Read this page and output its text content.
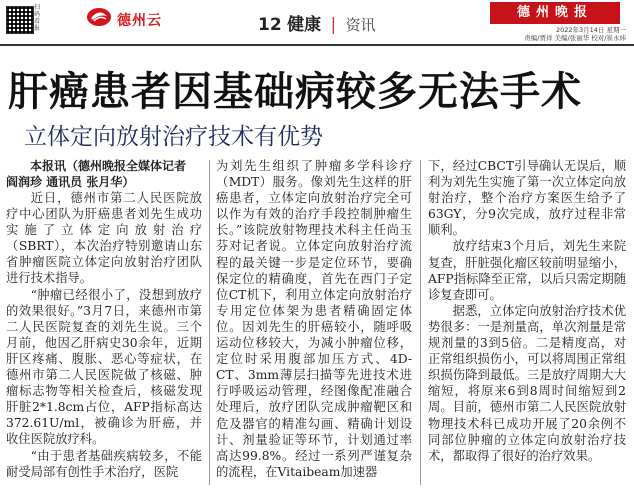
扫码看报	德州云	12 健康 | 资讯
德州晚报
2022年3月14日 星期一
责编/贾祥 美编/张丽华 校对/崔永炜
肝癌患者因基础病较多无法手术
立体定向放射治疗技术有优势

本报讯（德州晚报全媒体记者
阎润珍 通讯员 张月华）

近日，德州市第二人民医院放疗中心团队为肝癌患者刘先生成功实施了立体定向放射治疗（SBRT），本次治疗特别邀请山东省肿瘤医院立体定向放射治疗团队进行技术指导。

“肿瘤已经很小了，没想到放疗的效果很好。”3月7日，来德州市第二人民医院复查的刘先生说。三个月前，他因乙肝病史30余年，近期肝区疼痛、腹胀、恶心等症状，在德州市第二人民医院做了核磁、肿瘤标志物等相关检查后，核磁发现肝脏2*1.8cm占位，AFP指标高达372.61U/ml，被确诊为肝癌，并收住医院放疗科。

“由于患者基础疾病较多，不能耐受局部有创性手术治疗，医院

为刘先生组织了肿瘤多学科诊疗（MDT）服务。像刘先生这样的肝癌患者，立体定向放射治疗完全可以作为有效的治疗手段控制肿瘤生长。”该院放射物理技术科主任尚玉芬对记者说。立体定向放射治疗流程的最关键一步是定位环节，要确保定位的精确度，首先在西门子定位CT机下，利用立体定向放射治疗专用定位体架为患者精确固定体位。因刘先生的肝癌较小，随呼吸运动位移较大，为减小肿瘤位移，定位时采用腹部加压方式、4D-CT、3mm薄层扫描等先进技术进行呼吸运动管理，经图像配准融合处理后，放疗团队完成肿瘤靶区和危及器官的精准勾画、精确计划设计、剂量验证等环节，计划通过率高达99.8%。经过一系列严谨复杂的流程，在Vitaibeam加速器

下，经过CBCT引导确认无误后，顺利为刘先生实施了第一次立体定向放射治疗，整个治疗方案医生给予了63GY，分9次完成，放疗过程非常顺利。

放疗结束3个月后，刘先生来院复查，肝脏强化瘤区较前明显缩小，AFP指标降至正常，以后只需定期随诊复查即可。

据悉，立体定向放射治疗技术优势很多：一是剂量高，单次剂量是常规剂量的3到5倍。二是精度高，对正常组织损伤小，可以将周围正常组织损伤降到最低。三是放疗周期大大缩短，将原来6到8周时间缩短到2周。目前，德州市第二人民医院放射物理技术科已成功开展了20余例不同部位肿瘤的立体定向放射治疗技术，都取得了很好的治疗效果。
